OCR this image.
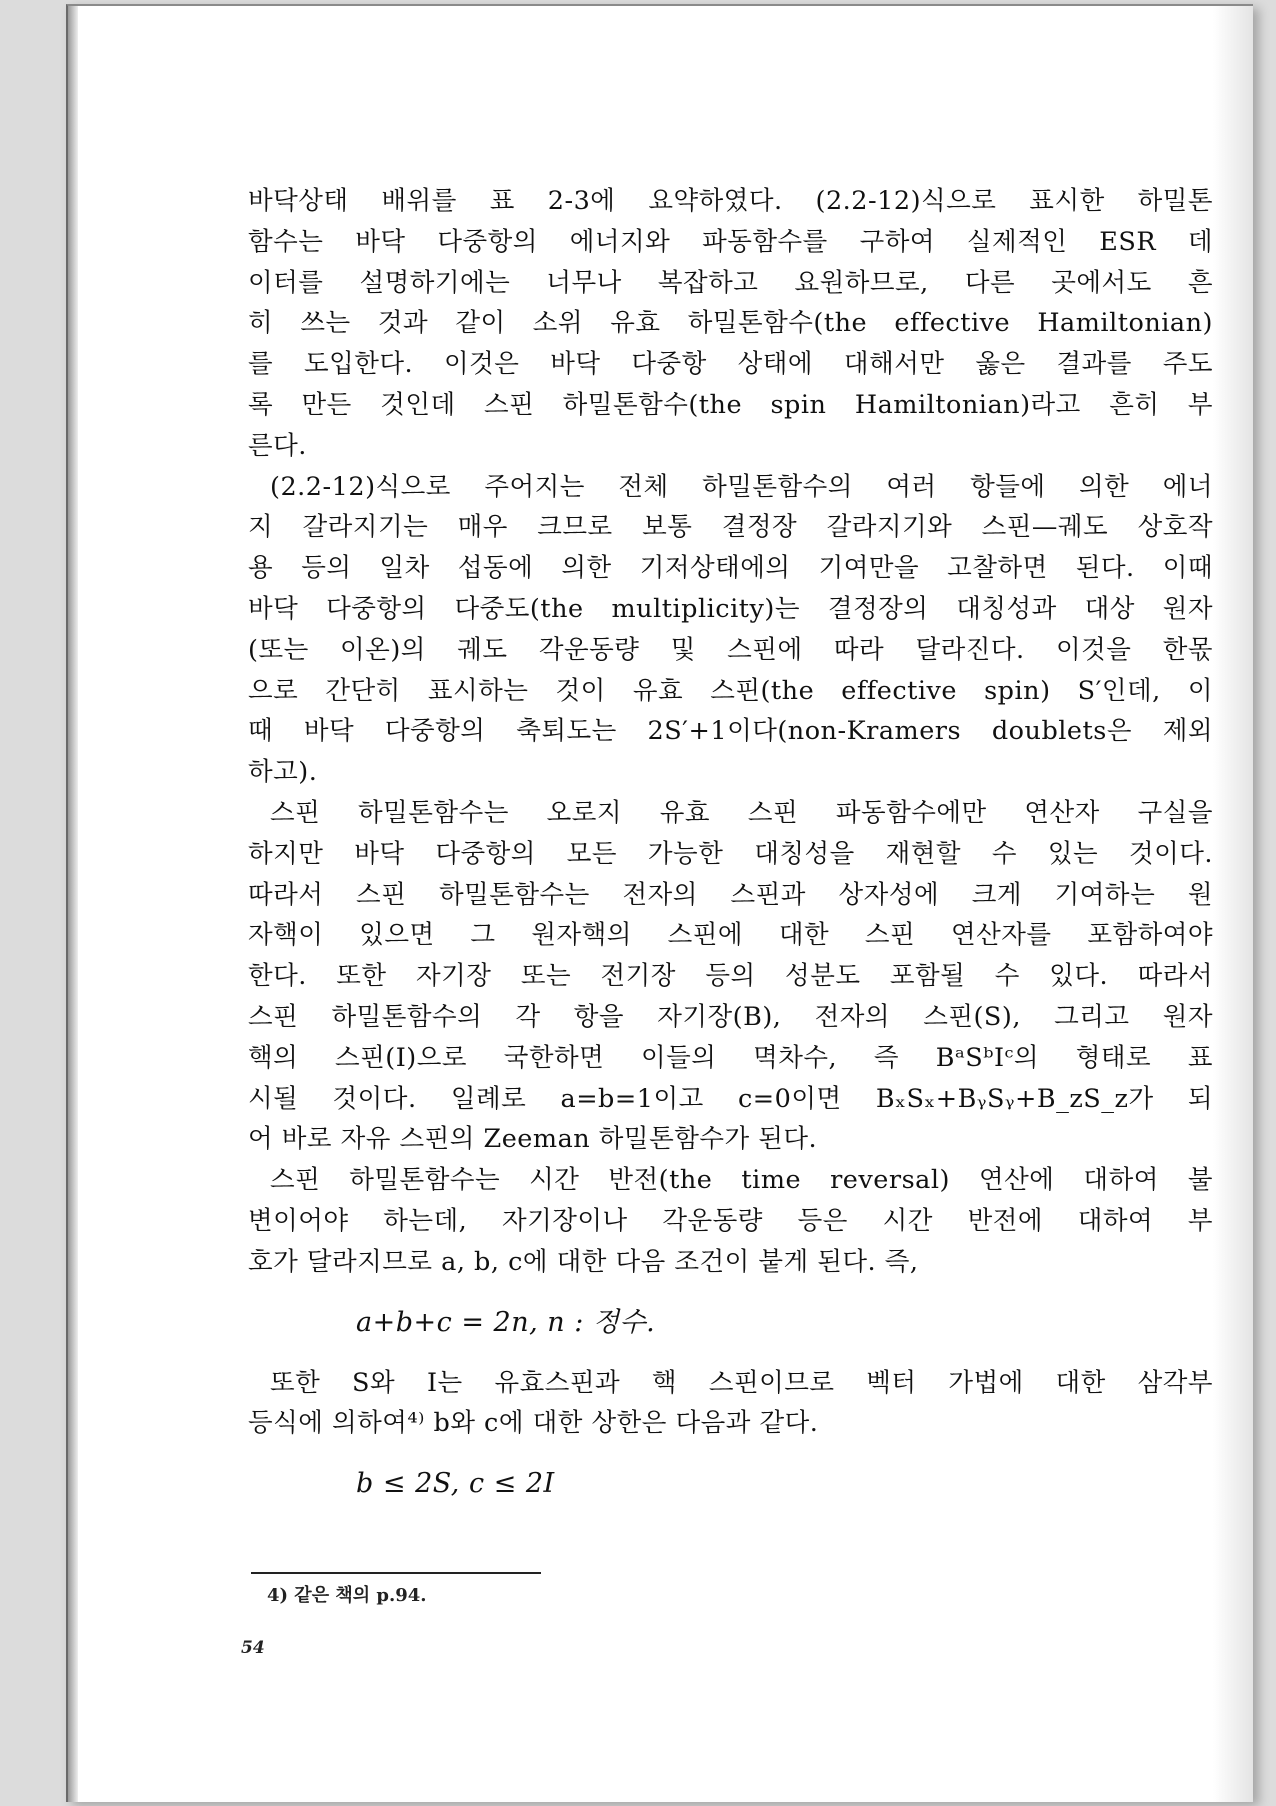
바닥상태 배위를 표 2-3에 요약하였다. (2.2-12)식으로 표시한 하밀톤
함수는 바닥 다중항의 에너지와 파동함수를 구하여 실제적인 ESR 데
이터를 설명하기에는 너무나 복잡하고 요원하므로, 다른 곳에서도 흔
히 쓰는 것과 같이 소위 유효 하밀톤함수(the effective Hamiltonian)
를 도입한다. 이것은 바닥 다중항 상태에 대해서만 옳은 결과를 주도
록 만든 것인데 스핀 하밀톤함수(the spin Hamiltonian)라고 흔히 부
른다.
(2.2-12)식으로 주어지는 전체 하밀톤함수의 여러 항들에 의한 에너
지 갈라지기는 매우 크므로 보통 결정장 갈라지기와 스핀—궤도 상호작
용 등의 일차 섭동에 의한 기저상태에의 기여만을 고찰하면 된다. 이때
바닥 다중항의 다중도(the multiplicity)는 결정장의 대칭성과 대상 원자
(또는 이온)의 궤도 각운동량 및 스핀에 따라 달라진다. 이것을 한몫
으로 간단히 표시하는 것이 유효 스핀(the effective spin) S′인데, 이
때 바닥 다중항의 축퇴도는 2S′+1이다(non-Kramers doublets은 제외
하고).
스핀 하밀톤함수는 오로지 유효 스핀 파동함수에만 연산자 구실을
하지만 바닥 다중항의 모든 가능한 대칭성을 재현할 수 있는 것이다.
따라서 스핀 하밀톤함수는 전자의 스핀과 상자성에 크게 기여하는 원
자핵이 있으면 그 원자핵의 스핀에 대한 스핀 연산자를 포함하여야
한다. 또한 자기장 또는 전기장 등의 성분도 포함될 수 있다. 따라서
스핀 하밀톤함수의 각 항을 자기장(B), 전자의 스핀(S), 그리고 원자
핵의 스핀(I)으로 국한하면 이들의 멱차수, 즉 BᵃSᵇIᶜ의 형태로 표
시될 것이다. 일례로 a=b=1이고 c=0이면 BₓSₓ+BᵧSᵧ+B_zS_z가 되
어 바로 자유 스핀의 Zeeman 하밀톤함수가 된다.
스핀 하밀톤함수는 시간 반전(the time reversal) 연산에 대하여 불
변이어야 하는데, 자기장이나 각운동량 등은 시간 반전에 대하여 부
호가 달라지므로 a, b, c에 대한 다음 조건이 붙게 된다. 즉,
a+b+c = 2n, n : 정수.
또한 S와 I는 유효스핀과 핵 스핀이므로 벡터 가법에 대한 삼각부
등식에 의하여⁴⁾ b와 c에 대한 상한은 다음과 같다.
b ≤ 2S, c ≤ 2I
4) 같은 책의 p.94.
54
